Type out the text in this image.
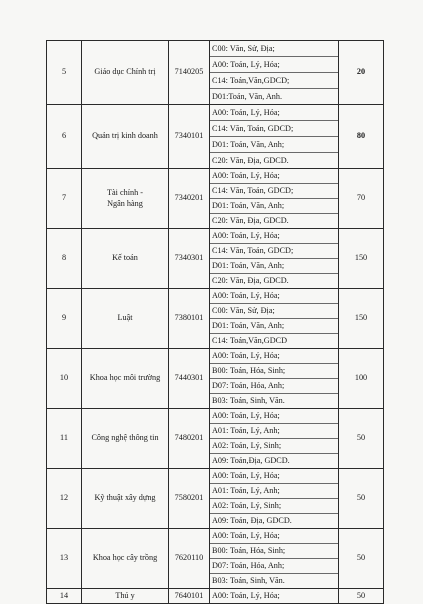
5	Giáo dục Chính trị	7140205	C00: Văn, Sử, Địa;
A00: Toán, Lý, Hóa;
C14: Toán,Văn,GDCD;
D01:Toán, Văn, Anh.	20
6	Quản trị kinh doanh	7340101	A00: Toán, Lý, Hóa;
C14: Văn, Toán, GDCD;
D01: Toán, Văn, Anh;
C20: Văn, Địa, GDCD.	80
7	Tài chính -
Ngân hàng	7340201	A00: Toán, Lý, Hóa;
C14: Văn, Toán, GDCD;
D01: Toán, Văn, Anh;
C20: Văn, Địa, GDCD.	70
8	Kế toán	7340301	A00: Toán, Lý, Hóa;
C14: Văn, Toán, GDCD;
D01: Toán, Văn, Anh;
C20: Văn, Địa, GDCD.	150
9	Luật	7380101	A00: Toán, Lý, Hóa;
C00: Văn, Sử, Địa;
D01: Toán, Văn, Anh;
C14: Toán,Văn,GDCD	150
10	Khoa học môi trường	7440301	A00: Toán, Lý, Hóa;
B00: Toán, Hóa, Sinh;
D07: Toán, Hóa, Anh;
B03: Toán, Sinh, Văn.	100
11	Công nghệ thông tin	7480201	A00: Toán, Lý, Hóa;
A01: Toán, Lý, Anh;
A02: Toán, Lý, Sinh;
A09: Toán,Địa, GDCD.	50
12	Kỹ thuật xây dựng	7580201	A00: Toán, Lý, Hóa;
A01: Toán, Lý, Anh;
A02: Toán, Lý, Sinh;
A09: Toán, Địa, GDCD.	50
13	Khoa học cây trồng	7620110	A00: Toán, Lý, Hóa;
B00: Toán, Hóa, Sinh;
D07: Toán, Hóa, Anh;
B03: Toán, Sinh, Văn.	50
14	Thú y	7640101	A00: Toán, Lý, Hóa;	50
